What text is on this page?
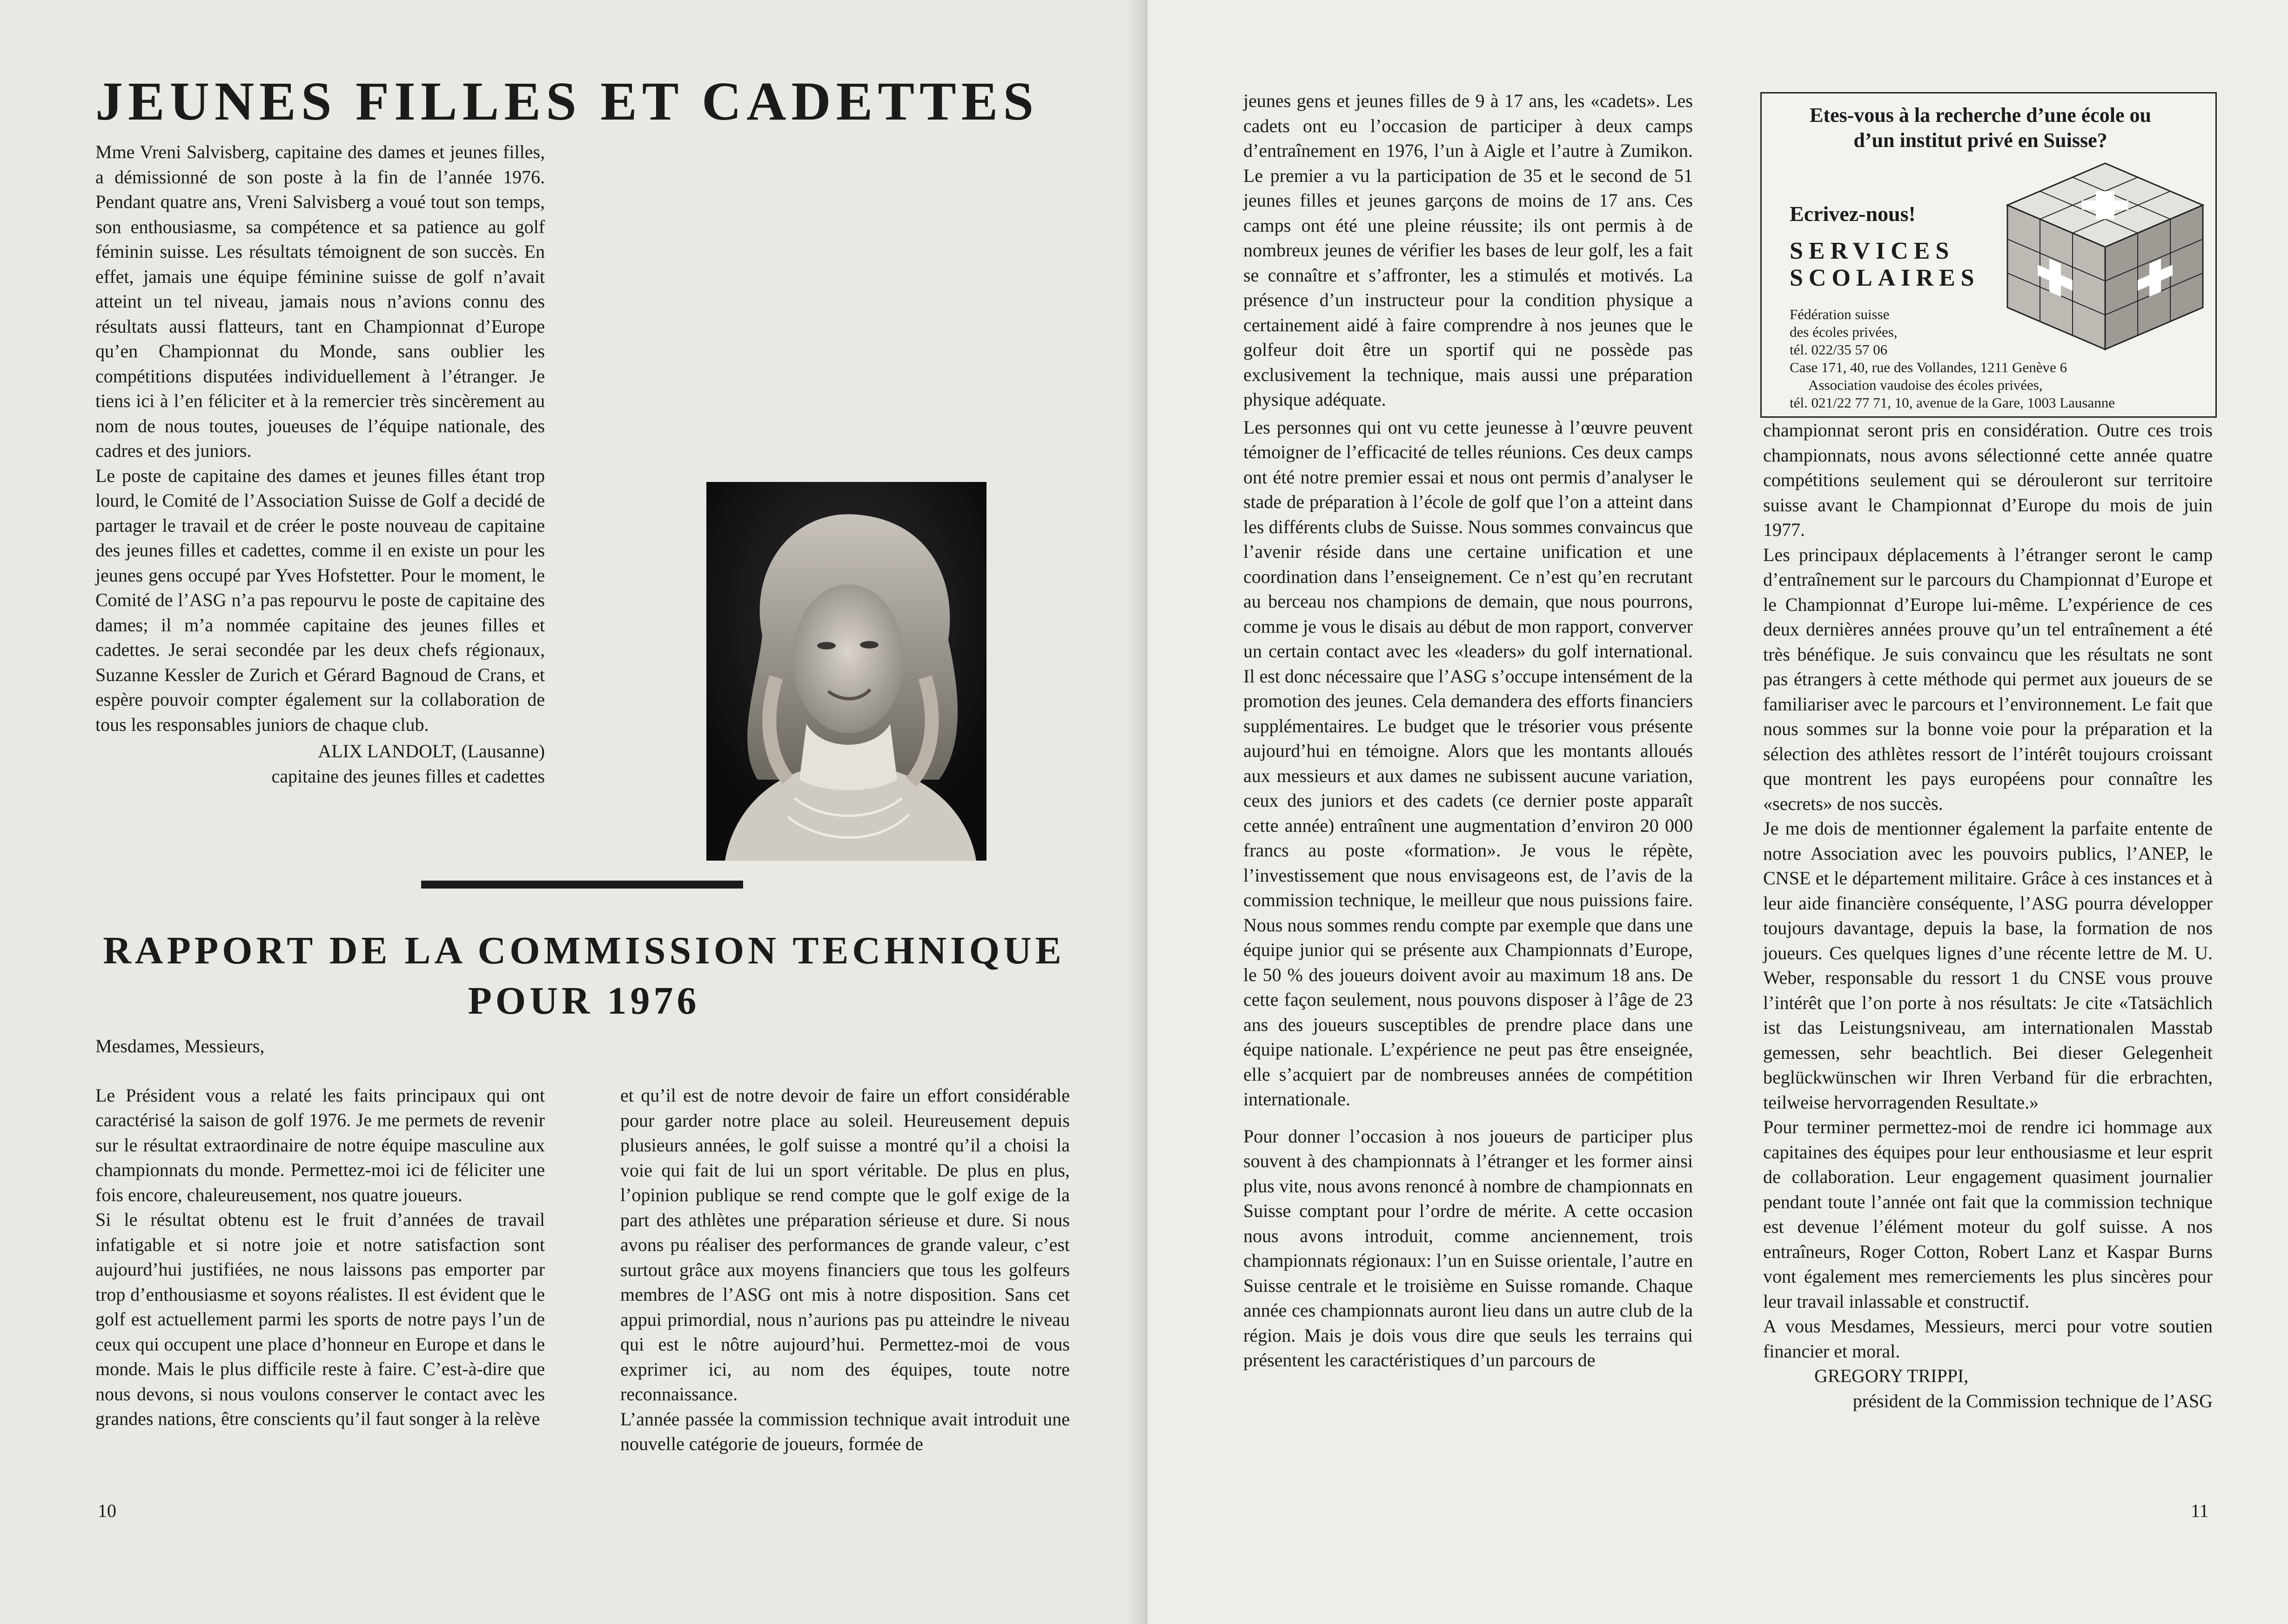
JEUNES FILLES ET CADETTES

Mme Vreni Salvisberg, capitaine des dames et jeunes filles, a démissionné de son poste à la fin de l’année 1976. Pendant quatre ans, Vreni Salvisberg a voué tout son temps, son enthousiasme, sa compétence et sa patience au golf féminin suisse. Les résultats témoignent de son succès. En effet, jamais une équipe féminine suisse de golf n’avait atteint un tel niveau, jamais nous n’avions connu des résultats aussi flatteurs, tant en Championnat d’Europe qu’en Championnat du Monde, sans oublier les compétitions disputées individuellement à l’étranger. Je tiens ici à l’en féliciter et à la remercier très sincèrement au nom de nous toutes, joueuses de l’équipe nationale, des cadres et des juniors.

Le poste de capitaine des dames et jeunes filles étant trop lourd, le Comité de l’Association Suisse de Golf a decidé de partager le travail et de créer le poste nouveau de capitaine des jeunes filles et cadettes, comme il en existe un pour les jeunes gens occupé par Yves Hofstetter. Pour le moment, le Comité de l’ASG n’a pas repourvu le poste de capitaine des dames; il m’a nommée capitaine des jeunes filles et cadettes. Je serai secondée par les deux chefs régionaux, Suzanne Kessler de Zurich et Gérard Bagnoud de Crans, et espère pouvoir compter également sur la collaboration de tous les responsables juniors de chaque club.

ALIX LANDOLT, (Lausanne)

capitaine des jeunes filles et cadettes

RAPPORT DE LA COMMISSION TECHNIQUE
POUR 1976

Mesdames, Messieurs,

Le Président vous a relaté les faits principaux qui ont caractérisé la saison de golf 1976. Je me permets de revenir sur le résultat extraordinaire de notre équipe masculine aux championnats du monde. Permettez-moi ici de féliciter une fois encore, chaleureusement, nos quatre joueurs.

Si le résultat obtenu est le fruit d’années de travail infatigable et si notre joie et notre satisfaction sont aujourd’hui justifiées, ne nous laissons pas emporter par trop d’enthousiasme et soyons réalistes. Il est évident que le golf est actuellement parmi les sports de notre pays l’un de ceux qui occupent une place d’honneur en Europe et dans le monde. Mais le plus difficile reste à faire. C’est-à-dire que nous devons, si nous voulons conserver le contact avec les grandes nations, être conscients qu’il faut songer à la relève

et qu’il est de notre devoir de faire un effort considérable pour garder notre place au soleil. Heureusement depuis plusieurs années, le golf suisse a montré qu’il a choisi la voie qui fait de lui un sport véritable. De plus en plus, l’opinion publique se rend compte que le golf exige de la part des athlètes une préparation sérieuse et dure. Si nous avons pu réaliser des performances de grande valeur, c’est surtout grâce aux moyens financiers que tous les golfeurs membres de l’ASG ont mis à notre disposition. Sans cet appui primordial, nous n’aurions pas pu atteindre le niveau qui est le nôtre aujourd’hui. Permettez-moi de vous exprimer ici, au nom des équipes, toute notre reconnaissance.

L’année passée la commission technique avait introduit une nouvelle catégorie de joueurs, formée de

10

jeunes gens et jeunes filles de 9 à 17 ans, les «cadets». Les cadets ont eu l’occasion de participer à deux camps d’entraînement en 1976, l’un à Aigle et l’autre à Zumikon. Le premier a vu la participation de 35 et le second de 51 jeunes filles et jeunes garçons de moins de 17 ans. Ces camps ont été une pleine réussite; ils ont permis à de nombreux jeunes de vérifier les bases de leur golf, les a fait se connaître et s’affronter, les a stimulés et motivés. La présence d’un instructeur pour la condition physique a certainement aidé à faire comprendre à nos jeunes que le golfeur doit être un sportif qui ne possède pas exclusivement la technique, mais aussi une préparation physique adéquate.

Les personnes qui ont vu cette jeunesse à l’œuvre peuvent témoigner de l’efficacité de telles réunions. Ces deux camps ont été notre premier essai et nous ont permis d’analyser le stade de préparation à l’école de golf que l’on a atteint dans les différents clubs de Suisse. Nous sommes convaincus que l’avenir réside dans une certaine unification et une coordination dans l’enseignement. Ce n’est qu’en recrutant au berceau nos champions de demain, que nous pourrons, comme je vous le disais au début de mon rapport, converver un certain contact avec les «leaders» du golf international. Il est donc nécessaire que l’ASG s’occupe intensément de la promotion des jeunes. Cela demandera des efforts financiers supplémentaires. Le budget que le trésorier vous présente aujourd’hui en témoigne. Alors que les montants alloués aux messieurs et aux dames ne subissent aucune variation, ceux des juniors et des cadets (ce dernier poste apparaît cette année) entraînent une augmentation d’environ 20 000 francs au poste «formation». Je vous le répète, l’investissement que nous envisageons est, de l’avis de la commission technique, le meilleur que nous puissions faire. Nous nous sommes rendu compte par exemple que dans une équipe junior qui se présente aux Championnats d’Europe, le 50 % des joueurs doivent avoir au maximum 18 ans. De cette façon seulement, nous pouvons disposer à l’âge de 23 ans des joueurs susceptibles de prendre place dans une équipe nationale. L’expérience ne peut pas être enseignée, elle s’acquiert par de nombreuses années de compétition internationale.

Pour donner l’occasion à nos joueurs de participer plus souvent à des championnats à l’étranger et les former ainsi plus vite, nous avons renoncé à nombre de championnats en Suisse comptant pour l’ordre de mérite. A cette occasion nous avons introduit, comme anciennement, trois championnats régionaux: l’un en Suisse orientale, l’autre en Suisse centrale et le troisième en Suisse romande. Chaque année ces championnats auront lieu dans un autre club de la région. Mais je dois vous dire que seuls les terrains qui présentent les caractéristiques d’un parcours de

Etes-vous à la recherche d’une école ou d’un institut privé en Suisse?
Ecrivez-nous!
SERVICES
SCOLAIRES
Fédération suisse
des écoles privées,
tél. 022/35 57 06
Case 171, 40, rue des Vollandes, 1211 Genève 6
Association vaudoise des écoles privées,
tél. 021/22 77 71, 10, avenue de la Gare, 1003 Lausanne

championnat seront pris en considération. Outre ces trois championnats, nous avons sélectionné cette année quatre compétitions seulement qui se dérouleront sur territoire suisse avant le Championnat d’Europe du mois de juin 1977.

Les principaux déplacements à l’étranger seront le camp d’entraînement sur le parcours du Championnat d’Europe et le Championnat d’Europe lui-même. L’expérience de ces deux dernières années prouve qu’un tel entraînement a été très bénéfique. Je suis convaincu que les résultats ne sont pas étrangers à cette méthode qui permet aux joueurs de se familiariser avec le parcours et l’environnement. Le fait que nous sommes sur la bonne voie pour la préparation et la sélection des athlètes ressort de l’intérêt toujours croissant que montrent les pays européens pour connaître les «secrets» de nos succès.

Je me dois de mentionner également la parfaite entente de notre Association avec les pouvoirs publics, l’ANEP, le CNSE et le département militaire. Grâce à ces instances et à leur aide financière conséquente, l’ASG pourra développer toujours davantage, depuis la base, la formation de nos joueurs. Ces quelques lignes d’une récente lettre de M. U. Weber, responsable du ressort 1 du CNSE vous prouve l’intérêt que l’on porte à nos résultats: Je cite «Tatsächlich ist das Leistungsniveau, am internationalen Masstab gemessen, sehr beachtlich. Bei dieser Gelegenheit beglückwünschen wir Ihren Verband für die erbrachten, teilweise hervorragenden Resultate.»

Pour terminer permettez-moi de rendre ici hommage aux capitaines des équipes pour leur enthousiasme et leur esprit de collaboration. Leur engagement quasiment journalier pendant toute l’année ont fait que la commission technique est devenue l’élément moteur du golf suisse. A nos entraîneurs, Roger Cotton, Robert Lanz et Kaspar Burns vont également mes remerciements les plus sincères pour leur travail inlassable et constructif.

A vous Mesdames, Messieurs, merci pour votre soutien financier et moral.

GREGORY TRIPPI,

président de la Commission technique de l’ASG

11
